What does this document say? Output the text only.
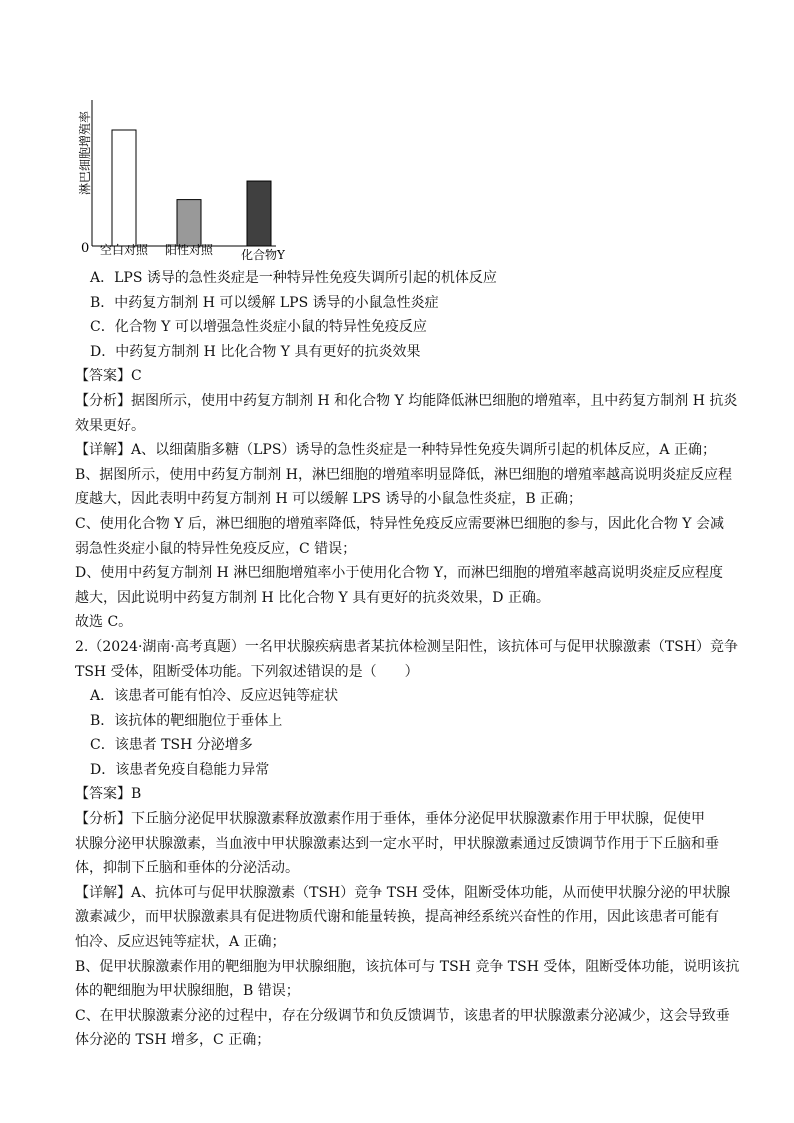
淋巴细胞增殖率
0 空白对照 阳性对照 化合物Y
A．LPS 诱导的急性炎症是一种特异性免疫失调所引起的机体反应
B．中药复方制剂 H 可以缓解 LPS 诱导的小鼠急性炎症
C．化合物 Y 可以增强急性炎症小鼠的特异性免疫反应
D．中药复方制剂 H 比化合物 Y 具有更好的抗炎效果
【答案】C
【分析】据图所示，使用中药复方制剂 H 和化合物 Y 均能降低淋巴细胞的增殖率，且中药复方制剂 H 抗炎
效果更好。
【详解】A、以细菌脂多糖（LPS）诱导的急性炎症是一种特异性免疫失调所引起的机体反应，A 正确；
B、据图所示，使用中药复方制剂 H，淋巴细胞的增殖率明显降低，淋巴细胞的增殖率越高说明炎症反应程
度越大，因此表明中药复方制剂 H 可以缓解 LPS 诱导的小鼠急性炎症，B 正确；
C、使用化合物 Y 后，淋巴细胞的增殖率降低，特异性免疫反应需要淋巴细胞的参与，因此化合物 Y 会减
弱急性炎症小鼠的特异性免疫反应，C 错误；
D、使用中药复方制剂 H 淋巴细胞增殖率小于使用化合物 Y，而淋巴细胞的增殖率越高说明炎症反应程度
越大，因此说明中药复方制剂 H 比化合物 Y 具有更好的抗炎效果，D 正确。
故选 C。
2.（2024·湖南·高考真题）一名甲状腺疾病患者某抗体检测呈阳性，该抗体可与促甲状腺激素（TSH）竞争
TSH 受体，阻断受体功能。下列叙述错误的是（　　）
A．该患者可能有怕冷、反应迟钝等症状
B．该抗体的靶细胞位于垂体上
C．该患者 TSH 分泌增多
D．该患者免疫自稳能力异常
【答案】B
【分析】下丘脑分泌促甲状腺激素释放激素作用于垂体，垂体分泌促甲状腺激素作用于甲状腺，促使甲
状腺分泌甲状腺激素，当血液中甲状腺激素达到一定水平时，甲状腺激素通过反馈调节作用于下丘脑和垂
体，抑制下丘脑和垂体的分泌活动。
【详解】A、抗体可与促甲状腺激素（TSH）竞争 TSH 受体，阻断受体功能，从而使甲状腺分泌的甲状腺
激素减少，而甲状腺激素具有促进物质代谢和能量转换，提高神经系统兴奋性的作用，因此该患者可能有
怕冷、反应迟钝等症状，A 正确；
B、促甲状腺激素作用的靶细胞为甲状腺细胞，该抗体可与 TSH 竞争 TSH 受体，阻断受体功能，说明该抗
体的靶细胞为甲状腺细胞，B 错误；
C、在甲状腺激素分泌的过程中，存在分级调节和负反馈调节，该患者的甲状腺激素分泌减少，这会导致垂
体分泌的 TSH 增多，C 正确；
